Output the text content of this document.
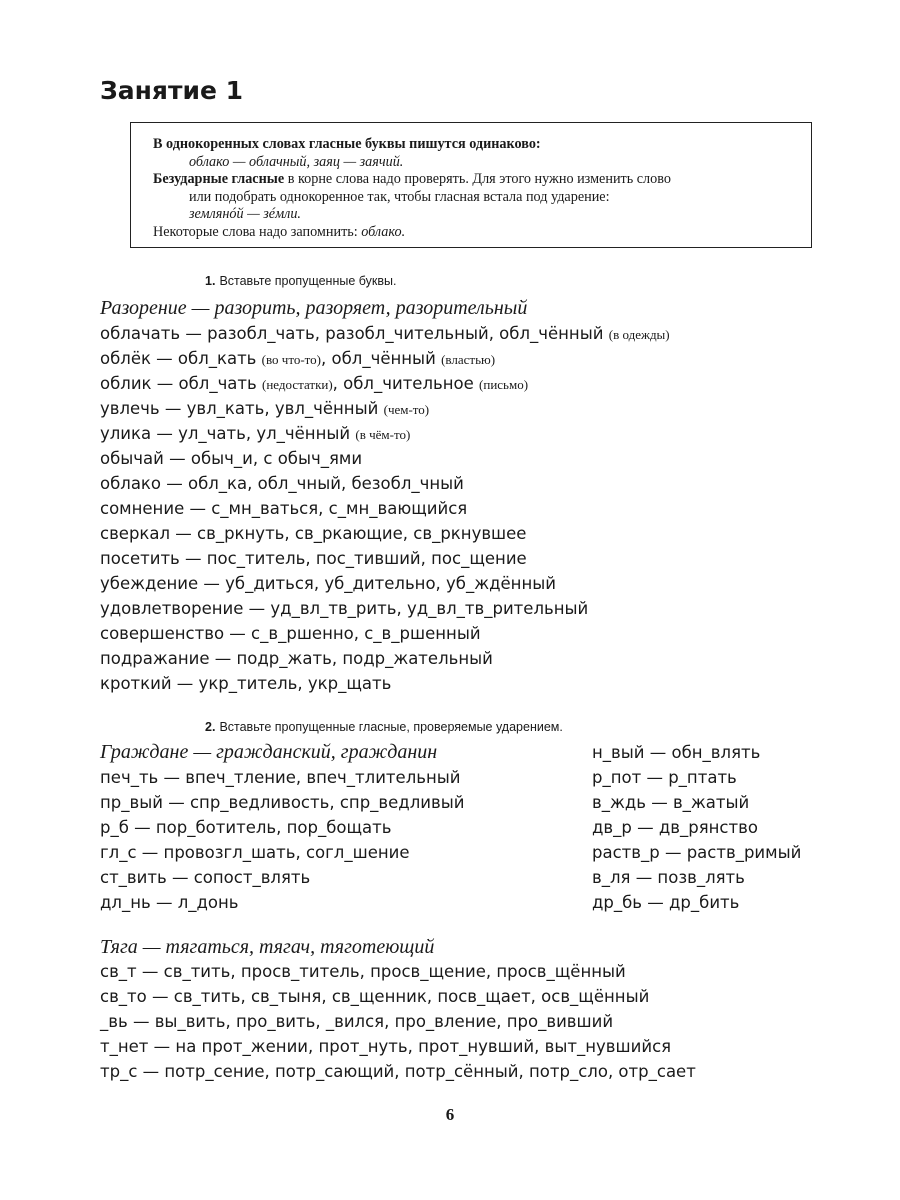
Занятие 1

В однокоренных словах гласные буквы пишутся одинаково:

облако — облачный, заяц — заячий.

Безударные гласные в корне слова надо проверять. Для этого нужно изменить слово

или подобрать однокоренное так, чтобы гласная встала под ударение:

землянóй — зéмли.

Некоторые слова надо запомнить: облако.

1. Вставьте пропущенные буквы.
Разорение — разорить, разоряет, разорительный
облачать — разобл_чать, разобл_чительный, обл_чённый (в одежды)
облёк — обл_кать (во что-то), обл_чённый (властью)
облик — обл_чать (недостатки), обл_чительное (письмо)
увлечь — увл_кать, увл_чённый (чем-то)
улика — ул_чать, ул_чённый (в чём-то)
обычай — обыч_и, с обыч_ями
облако — обл_ка, обл_чный, безобл_чный
сомнение — с_мн_ваться, с_мн_вающийся
сверкал — св_ркнуть, св_ркающие, св_ркнувшее
посетить — пос_титель, пос_тивший, пос_щение
убеждение — уб_диться, уб_дительно, уб_ждённый
удовлетворение — уд_вл_тв_рить, уд_вл_тв_рительный
совершенство — с_в_ршенно, с_в_ршенный
подражание — подр_жать, подр_жательный
кроткий — укр_титель, укр_щать
2. Вставьте пропущенные гласные, проверяемые ударением.
Граждане — гражданский, гражданин
печ_ть — впеч_тление, впеч_тлительный
пр_вый — спр_ведливость, спр_ведливый
р_б — пор_ботитель, пор_бощать
гл_с — провозгл_шать, согл_шение
ст_вить — сопост_влять
дл_нь — л_донь
н_вый — обн_влять
р_пот — р_птать
в_ждь — в_жатый
дв_р — дв_рянство
раств_р — раств_римый
в_ля — позв_лять
др_бь — др_бить
Тяга — тягаться, тягач, тяготеющий
св_т — св_тить, просв_титель, просв_щение, просв_щённый
св_то — св_тить, св_тыня, св_щенник, посв_щает, осв_щённый
_вь — вы_вить, про_вить, _вился, про_вление, про_вивший
т_нет — на прот_жении, прот_нуть, прот_нувший, выт_нувшийся
тр_с — потр_сение, потр_сающий, потр_сённый, потр_сло, отр_сает
6
